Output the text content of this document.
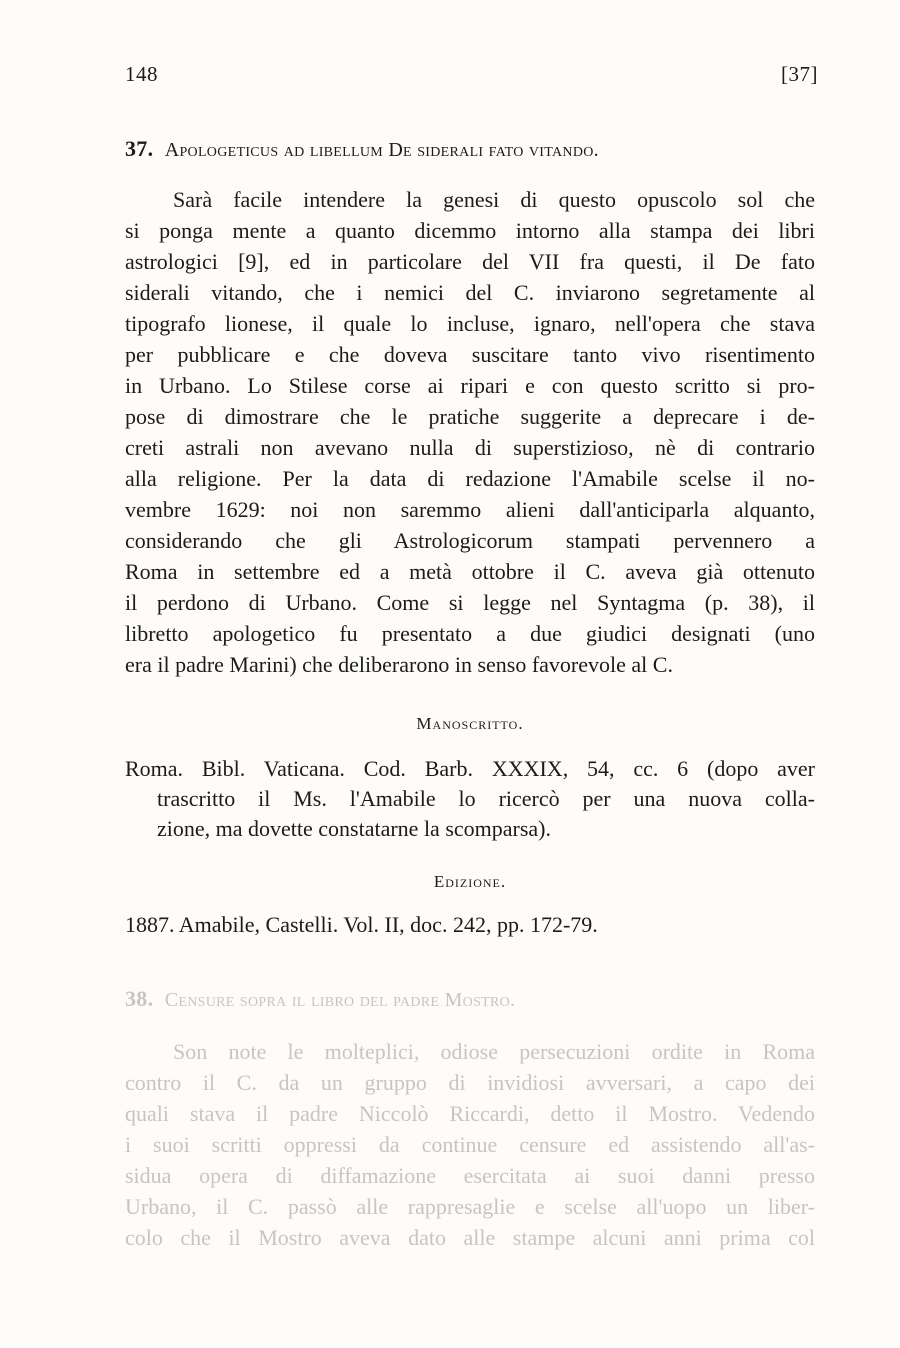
148	[37]
37. Apologeticus ad libellum De siderali fato vitando.
Sarà facile intendere la genesi di questo opuscolo sol che
si ponga mente a quanto dicemmo intorno alla stampa dei libri
astrologici [9], ed in particolare del VII fra questi, il De fato
siderali vitando, che i nemici del C. inviarono segretamente al
tipografo lionese, il quale lo incluse, ignaro, nell'opera che stava
per pubblicare e che doveva suscitare tanto vivo risentimento
in Urbano. Lo Stilese corse ai ripari e con questo scritto si pro-
pose di dimostrare che le pratiche suggerite a deprecare i de-
creti astrali non avevano nulla di superstizioso, nè di contrario
alla religione. Per la data di redazione l'Amabile scelse il no-
vembre 1629: noi non saremmo alieni dall'anticiparla alquanto,
considerando che gli Astrologicorum stampati pervennero a
Roma in settembre ed a metà ottobre il C. aveva già ottenuto
il perdono di Urbano. Come si legge nel Syntagma (p. 38), il
libretto apologetico fu presentato a due giudici designati (uno
era il padre Marini) che deliberarono in senso favorevole al C.
Manoscritto.
Roma. Bibl. Vaticana. Cod. Barb. XXXIX, 54, cc. 6 (dopo aver
trascritto il Ms. l'Amabile lo ricercò per una nuova colla-
zione, ma dovette constatarne la scomparsa).
Edizione.
1887. Amabile, Castelli. Vol. II, doc. 242, pp. 172-79.
38. Censure sopra il libro del padre Mostro.
Son note le molteplici, odiose persecuzioni ordite in Roma
contro il C. da un gruppo di invidiosi avversari, a capo dei
quali stava il padre Niccolò Riccardi, detto il Mostro. Vedendo
i suoi scritti oppressi da continue censure ed assistendo all'as-
sidua opera di diffamazione esercitata ai suoi danni presso
Urbano, il C. passò alle rappresaglie e scelse all'uopo un liber-
colo che il Mostro aveva dato alle stampe alcuni anni prima col
